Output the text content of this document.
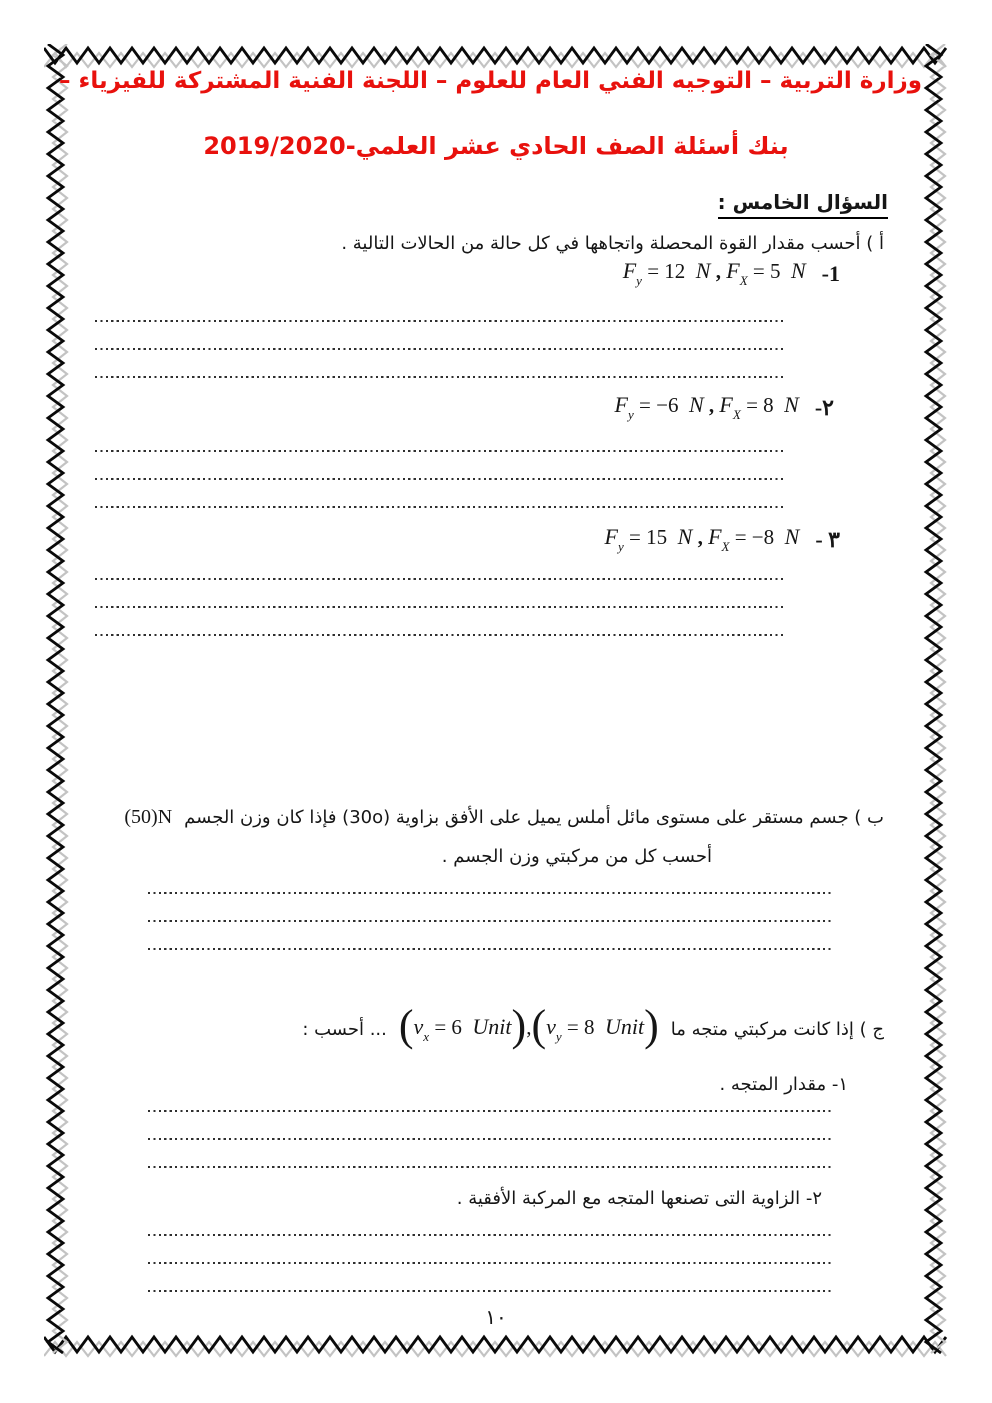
وزارة التربية – التوجيه الفني العام للعلوم – اللجنة الفنية المشتركة للفيزياء –
بنك أسئلة الصف الحادي عشر العلمي-2019/2020
السؤال الخامس :
أ ) أحسب مقدار القوة المحصلة واتجاهها في كل حالة من الحالات التالية .
-1
$F_y = 12$  N , $F_X = 5$  N
-٢
$F_y = -6$  N , $F_X = 8$  N
- ٣
$F_y = 15$  N , $F_X = -8$  N
ب ) جسم مستقر على مستوى مائل أملس يميل على الأفق بزاوية ‎(30o)‎ فإذا كان وزن الجسم
(50)N
أحسب كل من مركبتي وزن الجسم .
ج ) إذا كانت مركبتي متجه ما
($v_x = 6$  $Unit),(v_y = 8$  Unit)
... أحسب :
١- مقدار المتجه .
٢- الزاوية التى تصنعها المتجه مع المركبة الأفقية .
١٠
